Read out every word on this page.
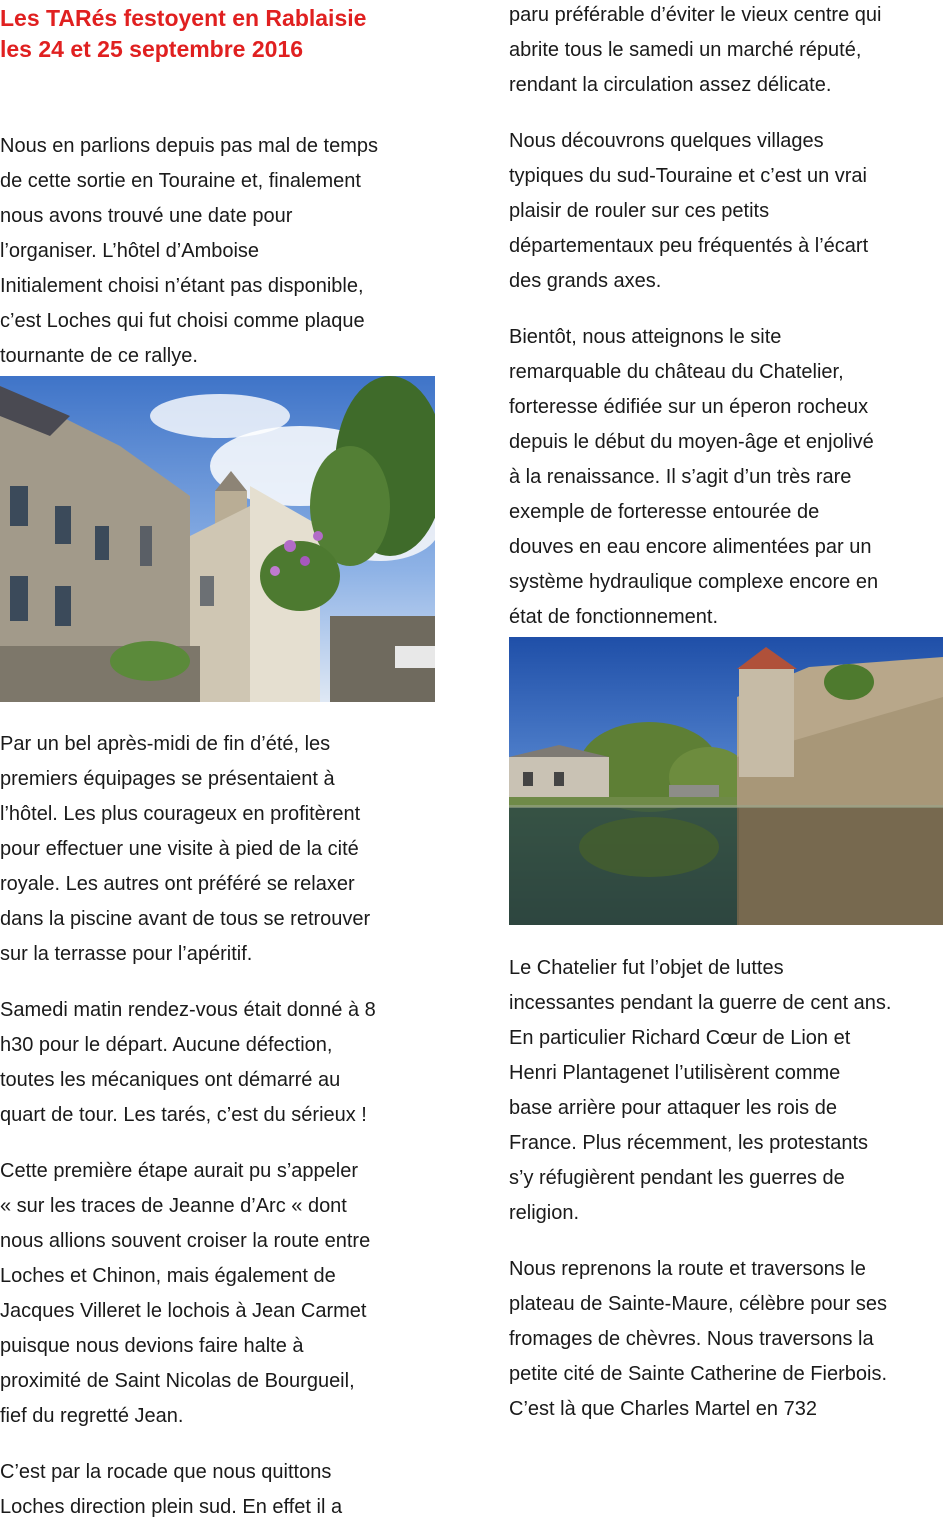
Les TARés festoyent en Rablaisie
les 24 et 25 septembre 2016

Nous en parlions depuis pas mal de temps
de cette sortie en Touraine et, finalement
nous avons trouvé une date pour
l’organiser. L’hôtel d’Amboise
Initialement choisi n’étant pas disponible,
c’est Loches qui fut choisi comme plaque
tournante de ce rallye.

Par un bel après-midi de fin d’été, les
premiers équipages se présentaient à
l’hôtel. Les plus courageux en profitèrent
pour effectuer une visite à pied de la cité
royale. Les autres ont préféré se relaxer
dans la piscine avant de tous se retrouver
sur la terrasse pour l’apéritif.

Samedi matin rendez-vous était donné à 8
h30 pour le départ. Aucune défection,
toutes les mécaniques ont démarré au
quart de tour. Les tarés, c’est du sérieux !

Cette première étape aurait pu s’appeler
« sur les traces de Jeanne d’Arc « dont
nous allions souvent croiser la route entre
Loches et Chinon, mais également de
Jacques Villeret le lochois à Jean Carmet
puisque nous devions faire halte à
proximité de Saint Nicolas de Bourgueil,
fief du regretté Jean.

C’est par la rocade que nous quittons
Loches direction plein sud. En effet il a

paru préférable d’éviter le vieux centre qui
abrite tous le samedi un marché réputé,
rendant la circulation assez délicate.

Nous découvrons quelques villages
typiques du sud-Touraine et c’est un vrai
plaisir de rouler sur ces petits
départementaux peu fréquentés à l’écart
des grands axes.

Bientôt, nous atteignons le site
remarquable du château du Chatelier,
forteresse édifiée sur un éperon rocheux
depuis le début du moyen-âge et enjolivé
à la renaissance. Il s’agit d’un très rare
exemple de forteresse entourée de
douves en eau encore alimentées par un
système hydraulique complexe encore en
état de fonctionnement.

Le Chatelier fut l’objet de luttes
incessantes pendant la guerre de cent ans.
En particulier Richard Cœur de Lion et
Henri Plantagenet l’utilisèrent comme
base arrière pour attaquer les rois de
France. Plus récemment, les protestants
s’y réfugièrent pendant les guerres de
religion.

Nous reprenons la route et traversons le
plateau de Sainte-Maure, célèbre pour ses
fromages de chèvres. Nous traversons la
petite cité de Sainte Catherine de Fierbois.
C’est là que Charles Martel en 732
